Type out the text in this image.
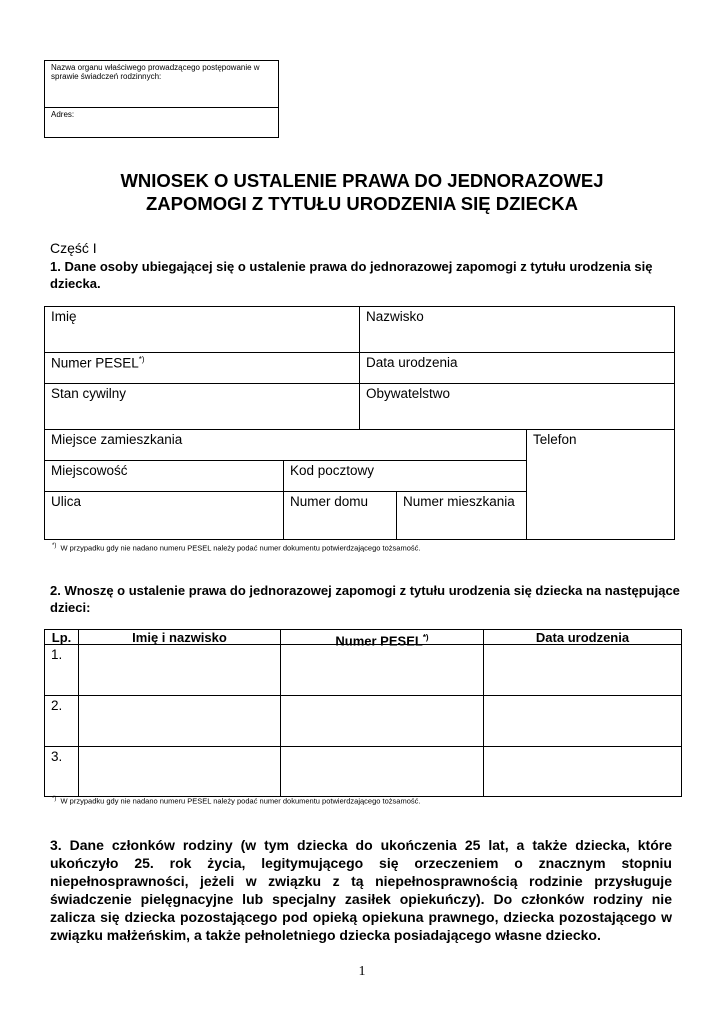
Nazwa organu właściwego prowadzącego postępowanie w sprawie świadczeń rodzinnych:
Adres:
WNIOSEK O USTALENIE PRAWA DO JEDNORAZOWEJ
ZAPOMOGI Z TYTUŁU URODZENIA SIĘ DZIECKA
Część I
1. Dane osoby ubiegającej się o ustalenie prawa do jednorazowej zapomogi z tytułu urodzenia się dziecka.
Imię	Nazwisko
Numer PESEL*)	Data urodzenia
Stan cywilny	Obywatelstwo
Miejsce zamieszkania	Telefon
Miejscowość	Kod pocztowy
Ulica	Numer domu	Numer mieszkania
*) W przypadku gdy nie nadano numeru PESEL należy podać numer dokumentu potwierdzającego tożsamość.
2. Wnoszę o ustalenie prawa do jednorazowej zapomogi z tytułu urodzenia się dziecka na następujące dzieci:
Lp.	Imię i nazwisko	Numer PESEL*)	Data urodzenia
1.
2.
3.
*) W przypadku gdy nie nadano numeru PESEL należy podać numer dokumentu potwierdzającego tożsamość.
3. Dane członków rodziny (w tym dziecka do ukończenia 25 lat, a także dziecka, które ukończyło 25. rok życia, legitymującego się orzeczeniem o znacznym stopniu niepełnosprawności, jeżeli w związku z tą niepełnosprawnością rodzinie przysługuje świadczenie pielęgnacyjne lub specjalny zasiłek opiekuńczy). Do członków rodziny nie zalicza się dziecka pozostającego pod opieką opiekuna prawnego, dziecka pozostającego w związku małżeńskim, a także pełnoletniego dziecka posiadającego własne dziecko.
1
